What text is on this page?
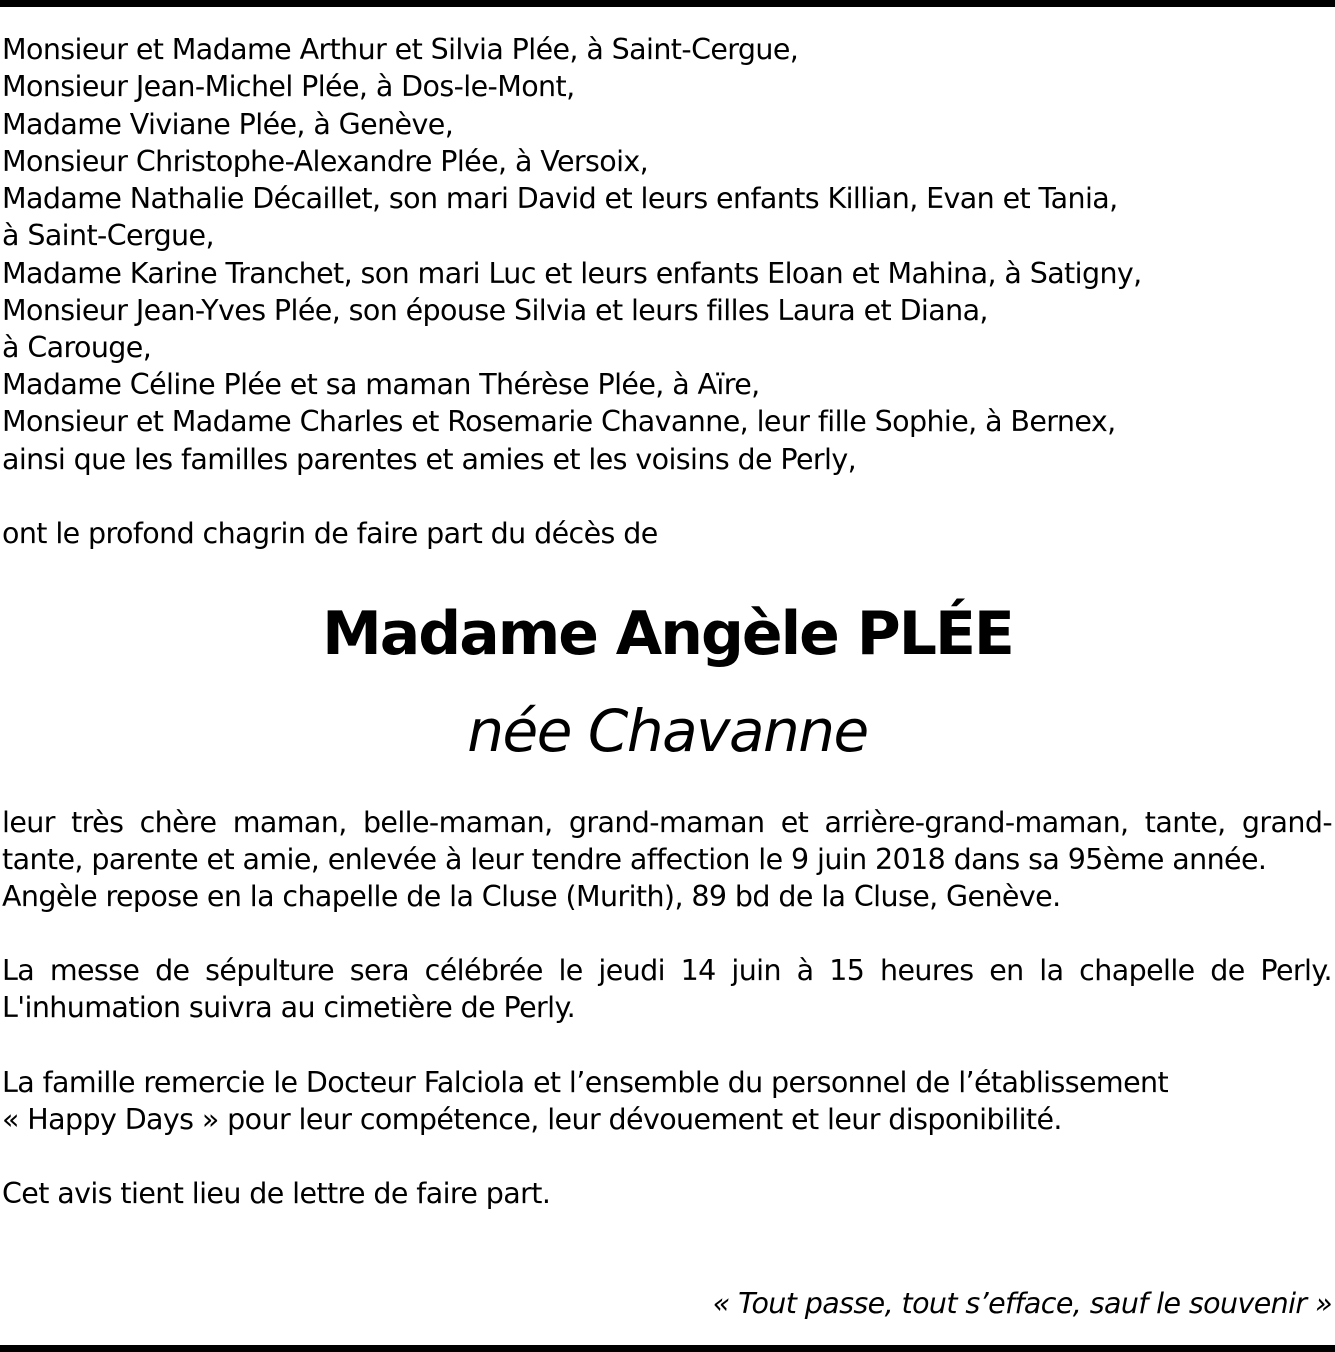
Monsieur et Madame Arthur et Silvia Plée, à Saint-Cergue,
Monsieur Jean-Michel Plée, à Dos-le-Mont,
Madame Viviane Plée, à Genève,
Monsieur Christophe-Alexandre Plée, à Versoix,
Madame Nathalie Décaillet, son mari David et leurs enfants Killian, Evan et Tania,
à Saint-Cergue,
Madame Karine Tranchet, son mari Luc et leurs enfants Eloan et Mahina, à Satigny,
Monsieur Jean-Yves Plée, son épouse Silvia et leurs filles Laura et Diana,
à Carouge,
Madame Céline Plée et sa maman Thérèse Plée, à Aïre,
Monsieur et Madame Charles et Rosemarie Chavanne, leur fille Sophie, à Bernex,
ainsi que les familles parentes et amies et les voisins de Perly,
ont le profond chagrin de faire part du décès de
Madame Angèle PLÉE
née Chavanne
leur très chère maman, belle-maman, grand-maman et arrière-grand-maman, tante, grand-
tante, parente et amie, enlevée à leur tendre affection le 9 juin 2018 dans sa 95ème année.
Angèle repose en la chapelle de la Cluse (Murith), 89 bd de la Cluse, Genève.
La messe de sépulture sera célébrée le jeudi 14 juin à 15 heures en la chapelle de Perly.
L'inhumation suivra au cimetière de Perly.
La famille remercie le Docteur Falciola et l’ensemble du personnel de l’établissement
« Happy Days » pour leur compétence, leur dévouement et leur disponibilité.
Cet avis tient lieu de lettre de faire part.
« Tout passe, tout s’efface, sauf le souvenir »
